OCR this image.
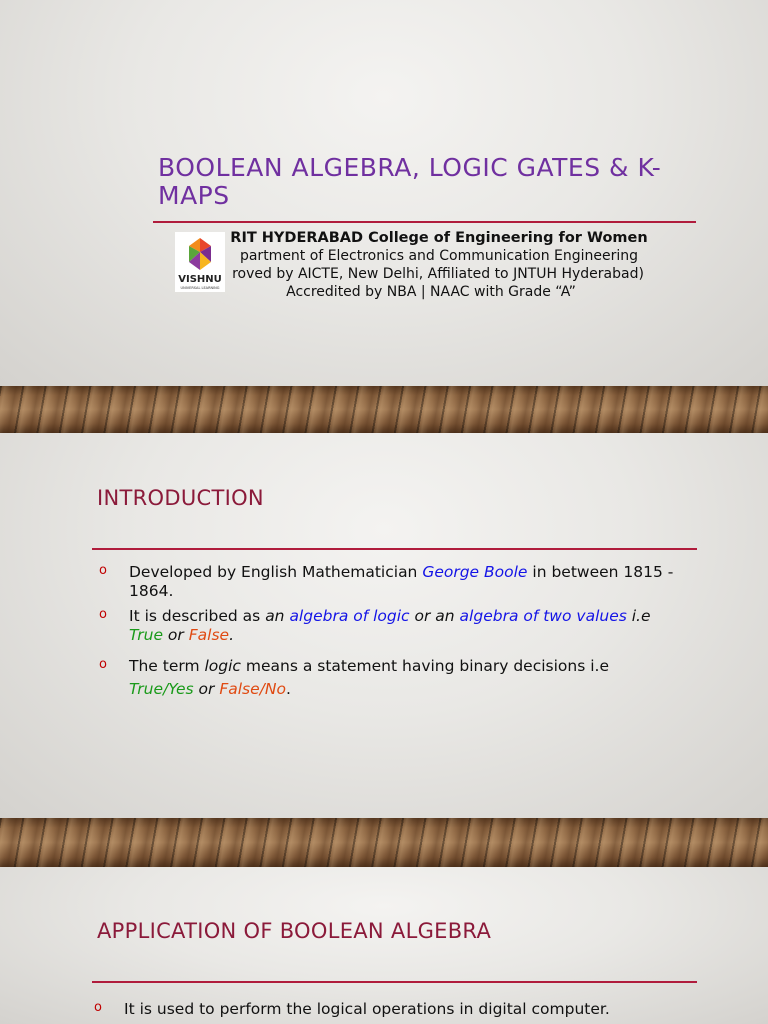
BOOLEAN ALGEBRA, LOGIC GATES & K-MAPS
VISHNU
UNIVERSAL LEARNING
RIT HYDERABAD College of Engineering for Women
partment of Electronics and Communication Engineering
roved by AICTE, New Delhi, Affiliated to JNTUH Hyderabad)
Accredited by NBA | NAAC with Grade “A”
INTRODUCTION
o Developed by English Mathematician George Boole in between 1815 - 1864.
o It is described as an algebra of logic or an algebra of two values i.e
True or False.
o The term logic means a statement having binary decisions i.e
True/Yes or False/No.
APPLICATION OF BOOLEAN ALGEBRA
o It is used to perform the logical operations in digital computer.
